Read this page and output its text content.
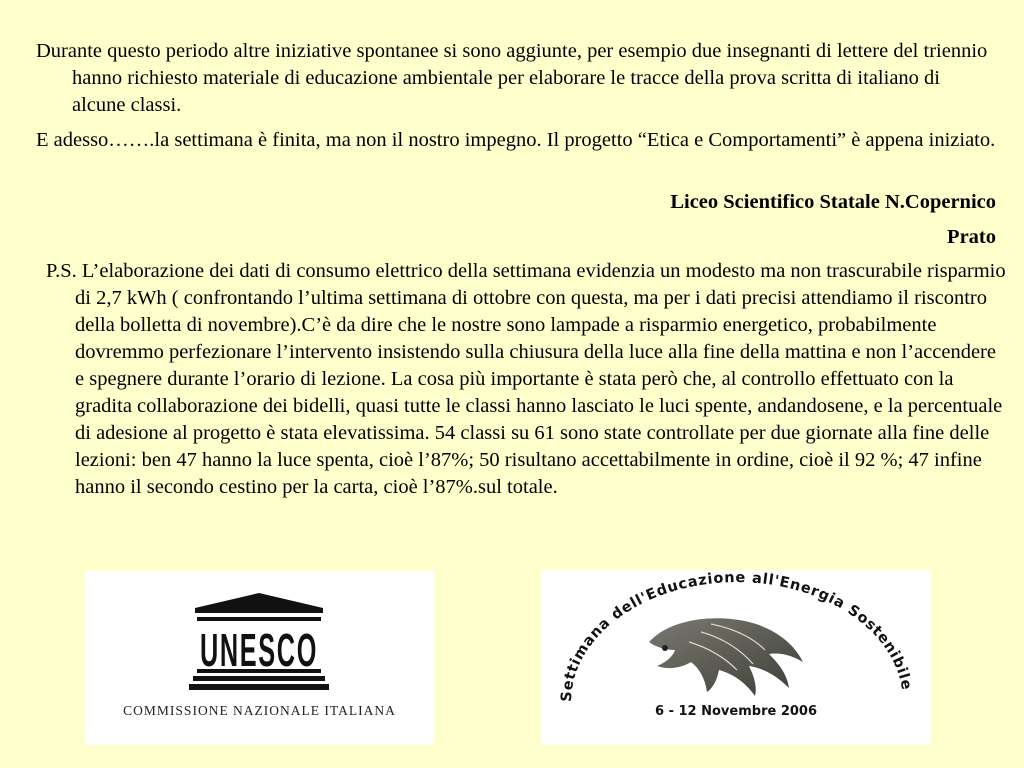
Durante questo periodo altre iniziative spontanee si sono aggiunte, per esempio due insegnanti di lettere del triennio hanno richiesto materiale di educazione ambientale per elaborare le tracce della prova scritta di italiano di alcune classi.

E adesso…….la settimana è finita, ma non il nostro impegno. Il progetto “Etica e Comportamenti” è appena iniziato.

Liceo Scientifico Statale N.Copernico
Prato

P.S. L’elaborazione dei dati di consumo elettrico della settimana evidenzia un modesto ma non trascurabile risparmio di 2,7 kWh ( confrontando l’ultima settimana di ottobre con questa, ma per i dati precisi attendiamo il riscontro della bolletta di novembre).C’è da dire che le nostre sono lampade a risparmio energetico, probabilmente dovremmo perfezionare l’intervento insistendo sulla chiusura della luce alla fine della mattina e non l’accendere e spegnere durante l’orario di lezione. La cosa più importante è stata però che, al controllo effettuato con la gradita collaborazione dei bidelli, quasi tutte le classi hanno lasciato le luci spente, andandosene, e la percentuale di adesione al progetto è stata elevatissima. 54 classi su 61 sono state controllate per due giornate alla fine delle lezioni: ben 47 hanno la luce spenta, cioè l’87%; 50 risultano accettabilmente in ordine, cioè il 92 %; 47 infine hanno il secondo cestino per la carta, cioè l’87%.sul totale.

UNESCO
COMMISSIONE NAZIONALE ITALIANA
Settimana dell'Educazione all'Energia Sostenibile
6 - 12 Novembre 2006
